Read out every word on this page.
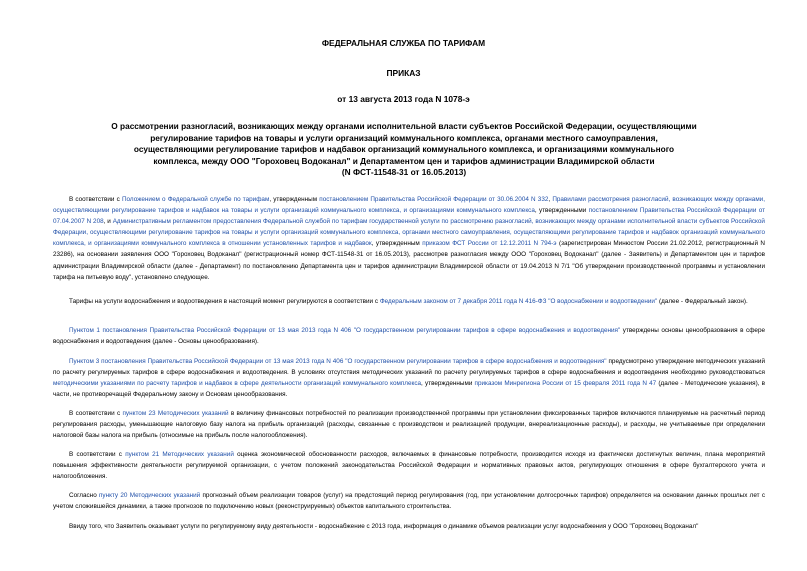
ФЕДЕРАЛЬНАЯ СЛУЖБА ПО ТАРИФАМ
ПРИКАЗ
от 13 августа 2013 года N 1078-э
О рассмотрении разногласий, возникающих между органами исполнительной власти субъектов Российской Федерации, осуществляющими регулирование тарифов на товары и услуги организаций коммунального комплекса, органами местного самоуправления, осуществляющими регулирование тарифов и надбавок организаций коммунального комплекса, и организациями коммунального комплекса, между ООО "Гороховец Водоканал" и Департаментом цен и тарифов администрации Владимирской области
(N ФСТ-11548-31 от 16.05.2013)
В соответствии с Положением о Федеральной службе по тарифам, утвержденным постановлением Правительства Российской Федерации от 30.06.2004 N 332, Правилами рассмотрения разногласий, возникающих между органами, осуществляющими регулирование тарифов и надбавок на товары и услуги организаций коммунального комплекса, и организациями коммунального комплекса, утвержденными постановлением Правительства Российской Федерации от 07.04.2007 N 208, и Административным регламентом предоставления Федеральной службой по тарифам государственной услуги по рассмотрению разногласий, возникающих между органами исполнительной власти субъектов Российской Федерации, осуществляющими регулирование тарифов на товары и услуги организаций коммунального комплекса, органами местного самоуправления, осуществляющими регулирование тарифов и надбавок организаций коммунального комплекса, и организациями коммунального комплекса в отношении установленных тарифов и надбавок, утвержденным приказом ФСТ России от 12.12.2011 N 794-э (зарегистрирован Минюстом России 21.02.2012, регистрационный N 23286), на основании заявления ООО "Гороховец Водоканал" (регистрационный номер ФСТ-11548-31 от 16.05.2013), рассмотрев разногласия между ООО "Гороховец Водоканал" (далее - Заявитель) и Департаментом цен и тарифов администрации Владимирской области (далее - Департамент) по постановлению Департамента цен и тарифов администрации Владимирской области от 19.04.2013 N 7/1 "Об утверждении производственной программы и установлении тарифа на питьевую воду", установлено следующее.
Тарифы на услуги водоснабжения и водоотведения в настоящий момент регулируются в соответствии с Федеральным законом от 7 декабря 2011 года N 416-ФЗ "О водоснабжении и водоотведении" (далее - Федеральный закон).
Пунктом 1 постановления Правительства Российской Федерации от 13 мая 2013 года N 406 "О государственном регулировании тарифов в сфере водоснабжения и водоотведения" утверждены основы ценообразования в сфере водоснабжения и водоотведения (далее - Основы ценообразования).
Пунктом 3 постановления Правительства Российской Федерации от 13 мая 2013 года N 406 "О государственном регулировании тарифов в сфере водоснабжения и водоотведения" предусмотрено утверждение методических указаний по расчету регулируемых тарифов в сфере водоснабжения и водоотведения. В условиях отсутствия методических указаний по расчету регулируемых тарифов в сфере водоснабжения и водоотведения необходимо руководствоваться методическими указаниями по расчету тарифов и надбавок в сфере деятельности организаций коммунального комплекса, утвержденными приказом Минрегиона России от 15 февраля 2011 года N 47 (далее - Методические указания), в части, не противоречащей Федеральному закону и Основам ценообразования.
В соответствии с пунктом 23 Методических указаний в величину финансовых потребностей по реализации производственной программы при установлении фиксированных тарифов включаются планируемые на расчетный период регулирования расходы, уменьшающие налоговую базу налога на прибыль организаций (расходы, связанные с производством и реализацией продукции, внереализационные расходы), и расходы, не учитываемые при определении налоговой базы налога на прибыль (относимые на прибыль после налогообложения).
В соответствии с пунктом 21 Методических указаний оценка экономической обоснованности расходов, включаемых в финансовые потребности, производится исходя из фактически достигнутых величин, плана мероприятий повышения эффективности деятельности регулируемой организации, с учетом положений законодательства Российской Федерации и нормативных правовых актов, регулирующих отношения в сфере бухгалтерского учета и налогообложения.
Согласно пункту 20 Методических указаний прогнозный объем реализации товаров (услуг) на предстоящий период регулирования (год, при установлении долгосрочных тарифов) определяется на основании данных прошлых лет с учетом сложившейся динамики, а также прогнозов по подключению новых (реконструируемых) объектов капитального строительства.
Ввиду того, что Заявитель оказывает услуги по регулируемому виду деятельности - водоснабжение с 2013 года, информация о динамике объемов реализации услуг водоснабжения у ООО "Гороховец Водоканал"
